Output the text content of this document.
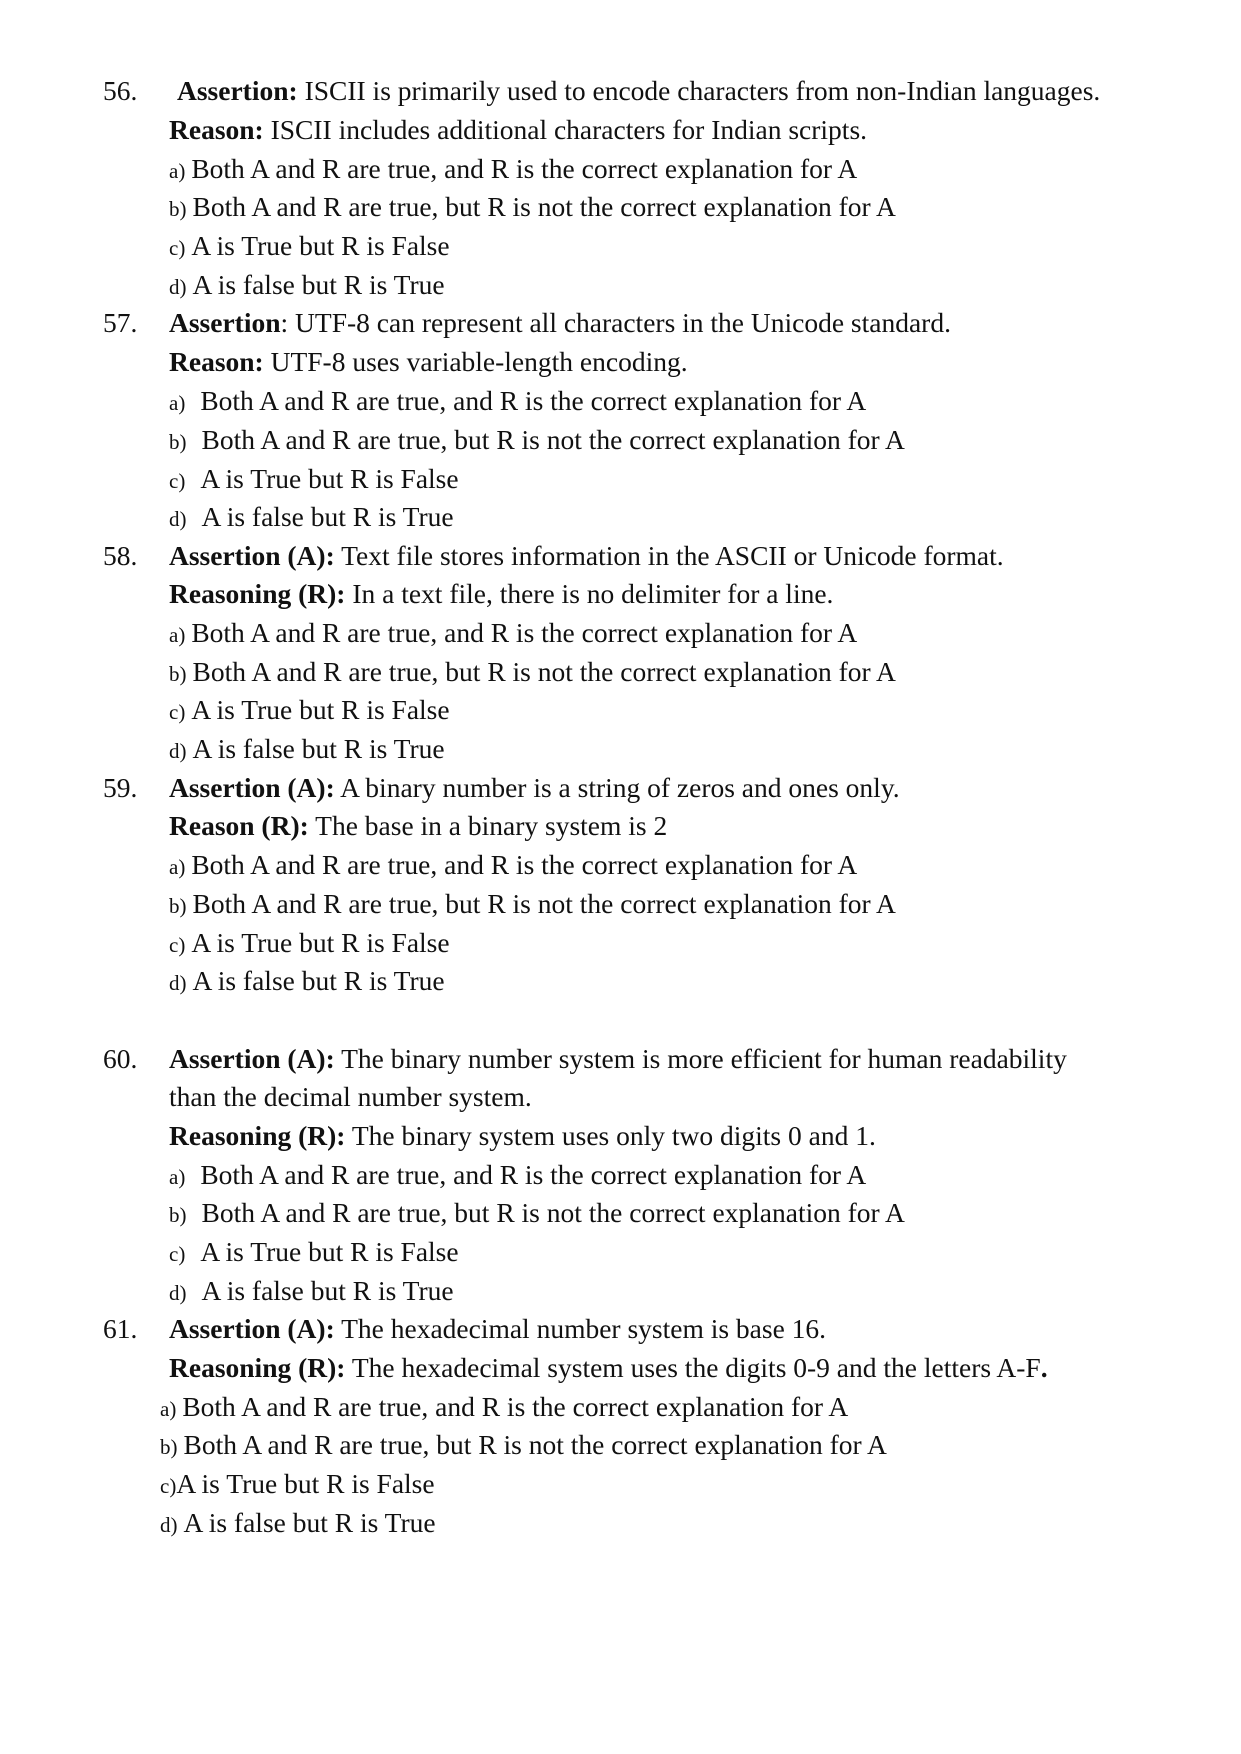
56. Assertion: ISCII is primarily used to encode characters from non-Indian languages.
Reason: ISCII includes additional characters for Indian scripts.
a) Both A and R are true, and R is the correct explanation for A
b) Both A and R are true, but R is not the correct explanation for A
c) A is True but R is False
d) A is false but R is True
57. Assertion: UTF-8 can represent all characters in the Unicode standard.
Reason: UTF-8 uses variable-length encoding.
a) Both A and R are true, and R is the correct explanation for A
b) Both A and R are true, but R is not the correct explanation for A
c) A is True but R is False
d) A is false but R is True
58. Assertion (A): Text file stores information in the ASCII or Unicode format.
Reasoning (R): In a text file, there is no delimiter for a line.
a) Both A and R are true, and R is the correct explanation for A
b) Both A and R are true, but R is not the correct explanation for A
c) A is True but R is False
d) A is false but R is True
59. Assertion (A): A binary number is a string of zeros and ones only.
Reason (R): The base in a binary system is 2
a) Both A and R are true, and R is the correct explanation for A
b) Both A and R are true, but R is not the correct explanation for A
c) A is True but R is False
d) A is false but R is True
60. Assertion (A): The binary number system is more efficient for human readability
than the decimal number system.
Reasoning (R): The binary system uses only two digits 0 and 1.
a) Both A and R are true, and R is the correct explanation for A
b) Both A and R are true, but R is not the correct explanation for A
c) A is True but R is False
d) A is false but R is True
61. Assertion (A): The hexadecimal number system is base 16.
Reasoning (R): The hexadecimal system uses the digits 0-9 and the letters A-F.
a) Both A and R are true, and R is the correct explanation for A
b) Both A and R are true, but R is not the correct explanation for A
c)A is True but R is False
d) A is false but R is True
